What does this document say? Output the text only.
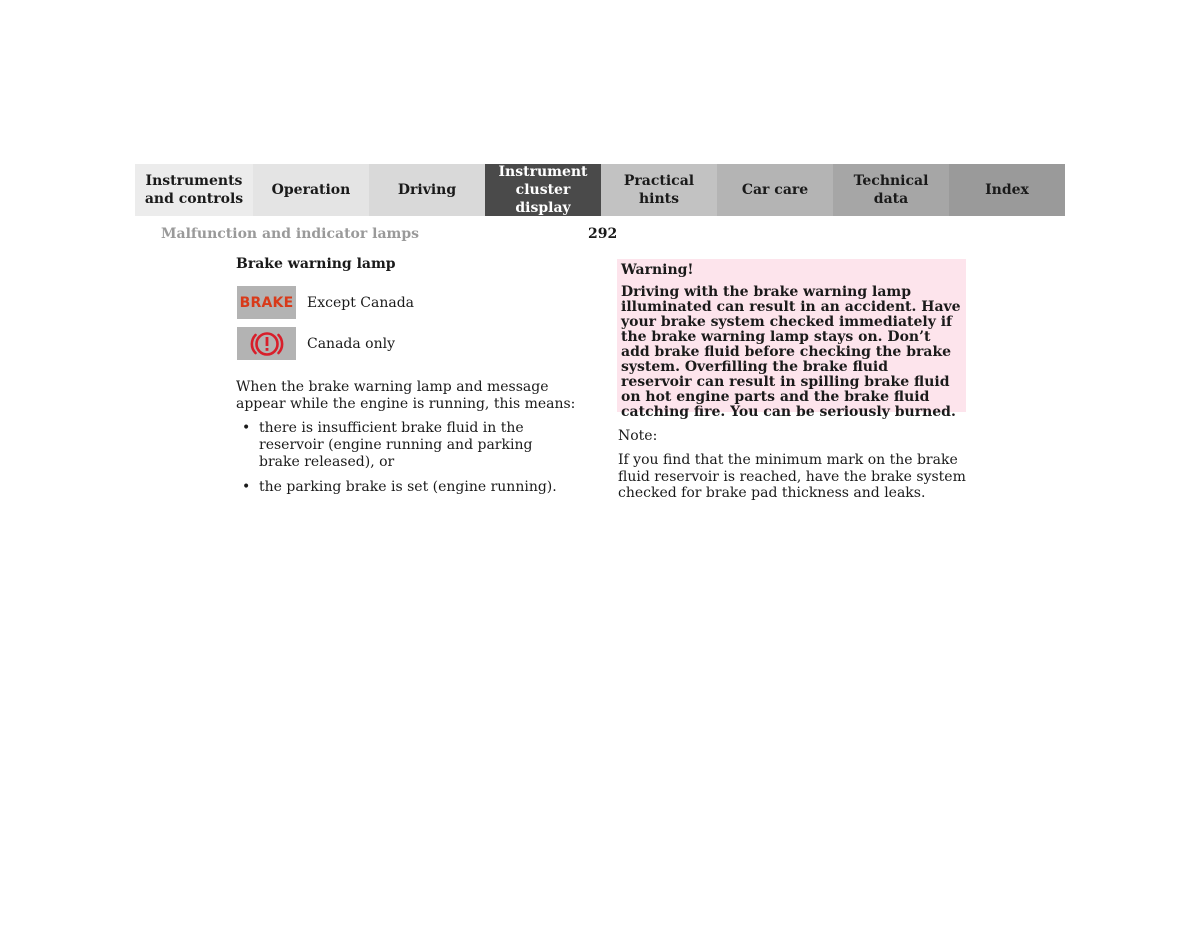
Instruments
and controls
Operation	Driving
Instrument
cluster display
Practical hints
Car care
Technical
data
Index
Malfunction and indicator lamps	292
Brake warning lamp
BRAKE Except Canada
Canada only

When the brake warning lamp and message appear while the engine is running, this means:

• there is insufficient brake fluid in the reservoir (engine running and parking brake released), or
• the parking brake is set (engine running).

Warning!

Driving with the brake warning lamp illuminated can result in an accident. Have your brake system checked immediately if the brake warning lamp stays on. Don’t add brake fluid before checking the brake system. Overfilling the brake fluid reservoir can result in spilling brake fluid on hot engine parts and the brake fluid catching fire. You can be seriously burned.

Note:

If you find that the minimum mark on the brake fluid reservoir is reached, have the brake system checked for brake pad thickness and leaks.
